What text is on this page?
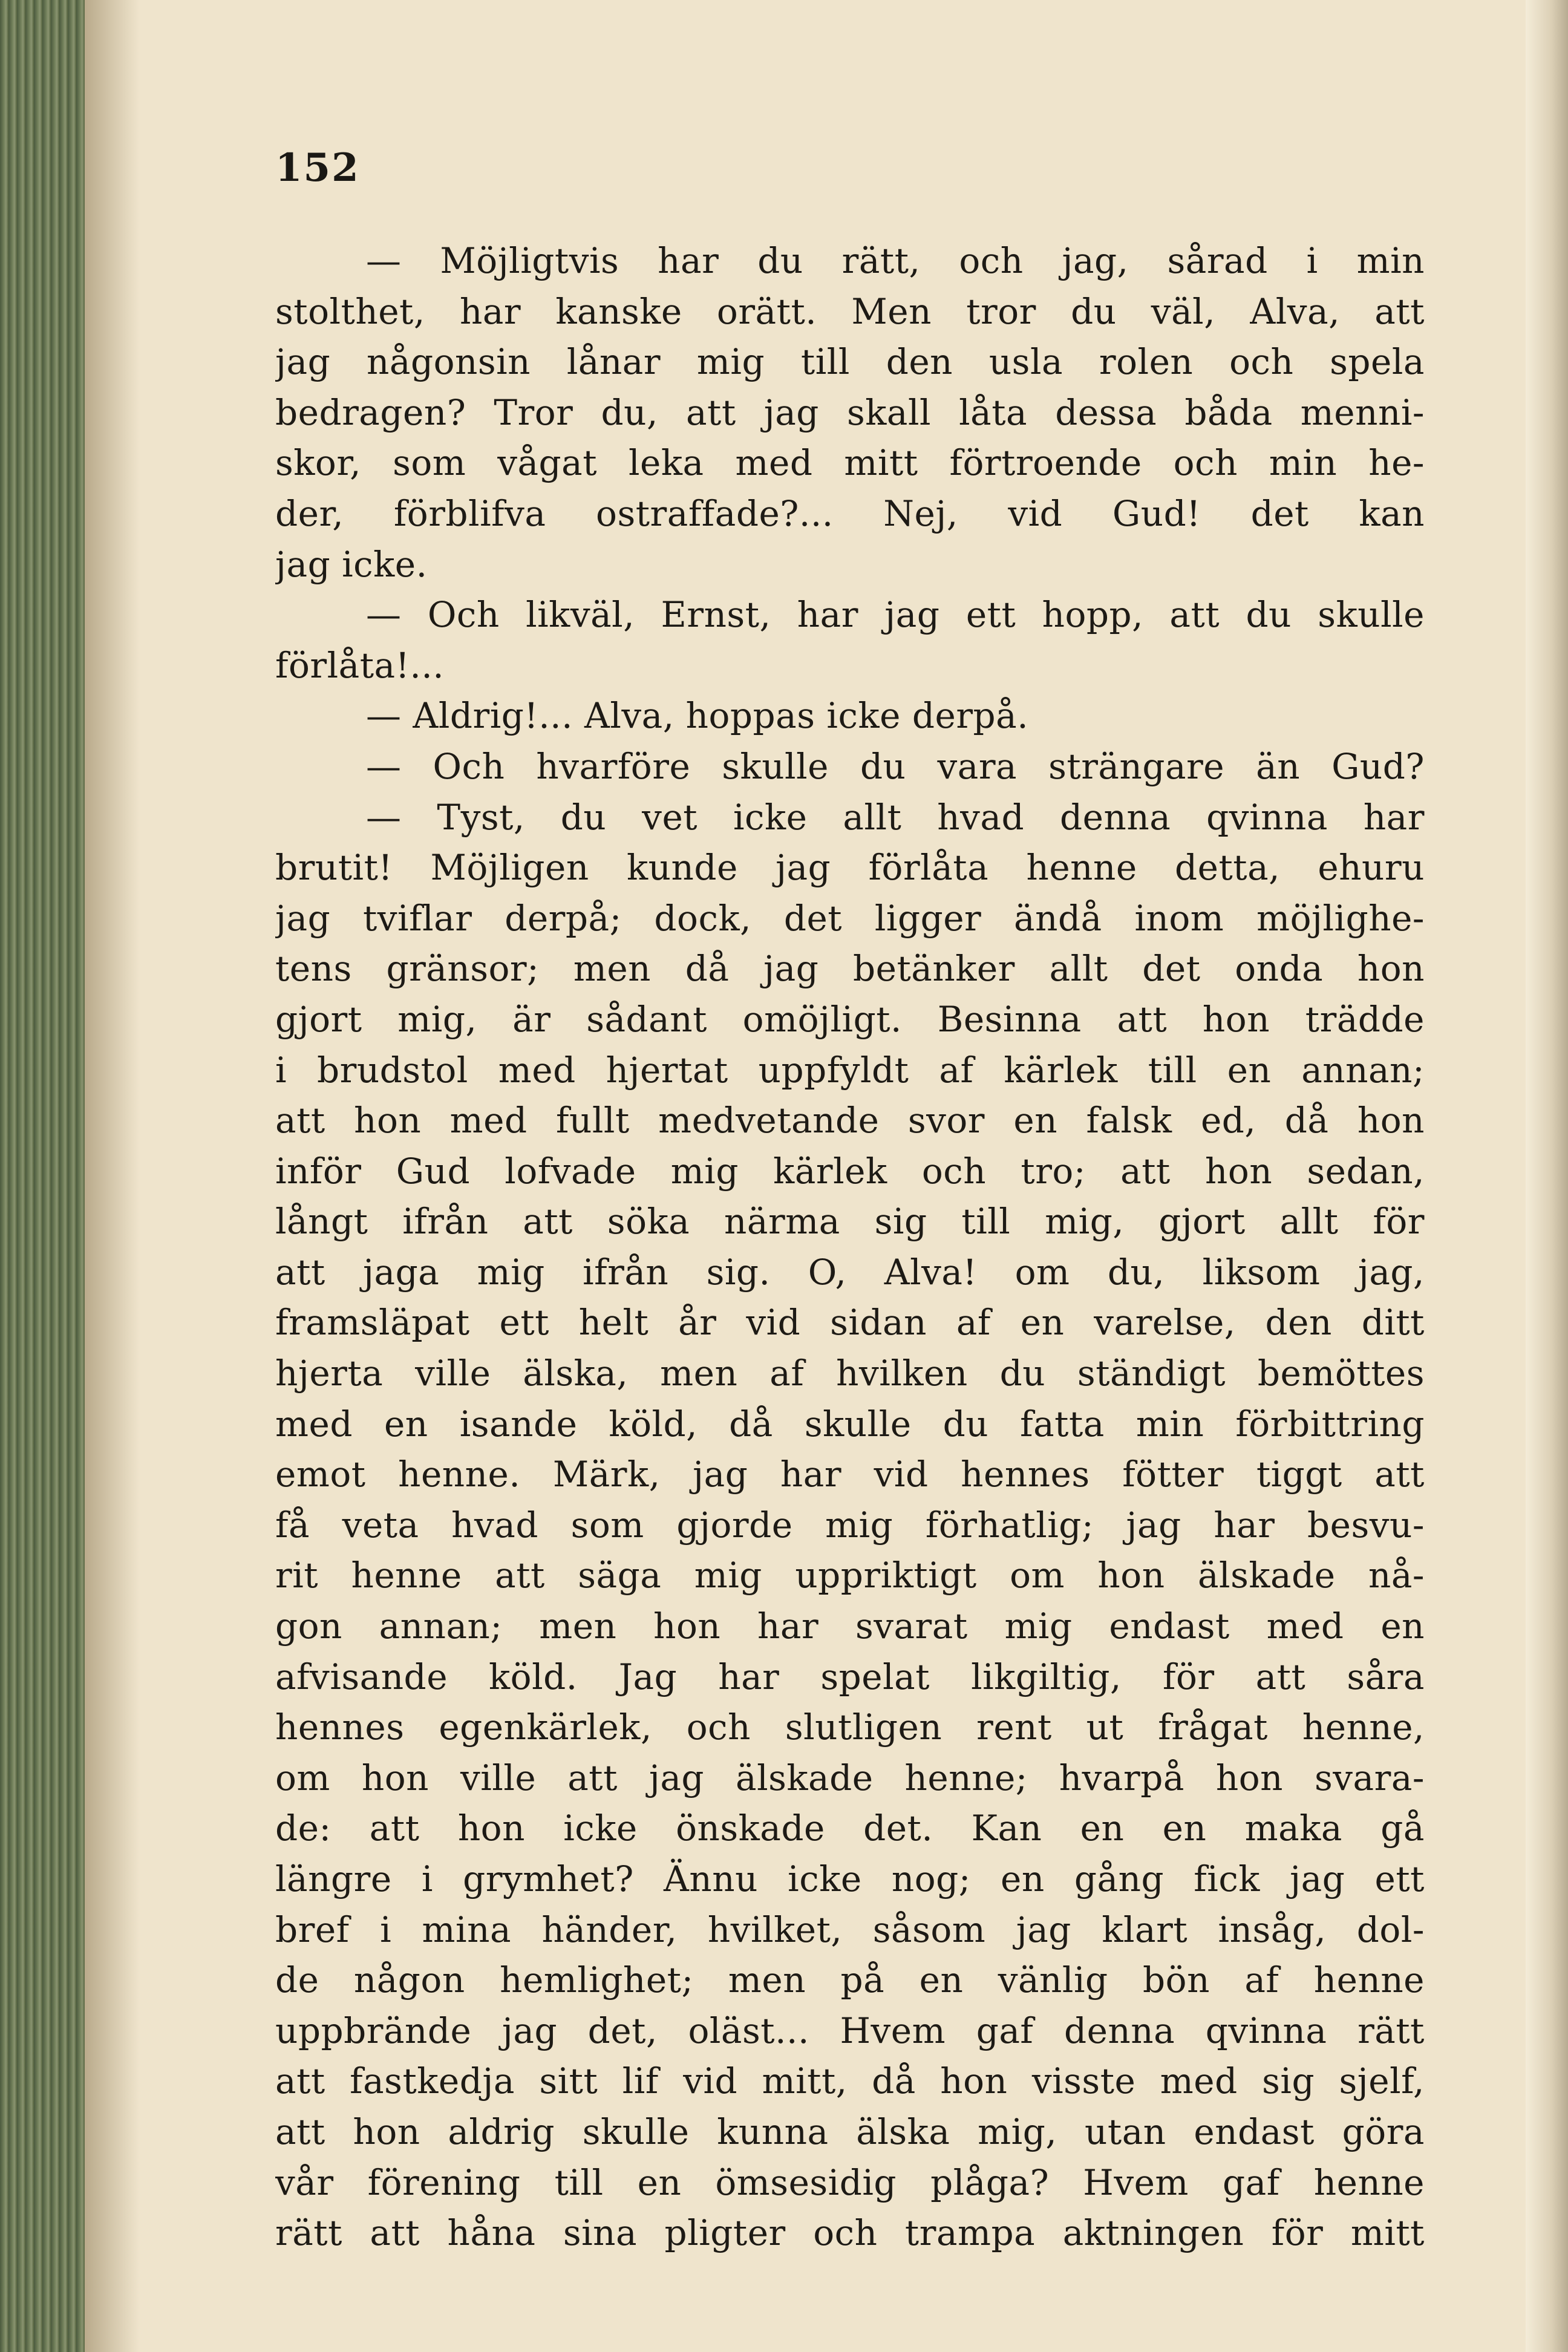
152
— Möjligtvis har du rätt, och jag, sårad i min
stolthet, har kanske orätt. Men tror du väl, Alva, att
jag någonsin lånar mig till den usla rolen och spela
bedragen? Tror du, att jag skall låta dessa båda menni-
skor, som vågat leka med mitt förtroende och min he-
der, förblifva ostraffade?... Nej, vid Gud! det kan
jag icke.
— Och likväl, Ernst, har jag ett hopp, att du skulle
förlåta!...
— Aldrig!... Alva, hoppas icke derpå.
— Och hvarföre skulle du vara strängare än Gud?
— Tyst, du vet icke allt hvad denna qvinna har
brutit! Möjligen kunde jag förlåta henne detta, ehuru
jag tviflar derpå; dock, det ligger ändå inom möjlighe-
tens gränsor; men då jag betänker allt det onda hon
gjort mig, är sådant omöjligt. Besinna att hon trädde
i brudstol med hjertat uppfyldt af kärlek till en annan;
att hon med fullt medvetande svor en falsk ed, då hon
inför Gud lofvade mig kärlek och tro; att hon sedan,
långt ifrån att söka närma sig till mig, gjort allt för
att jaga mig ifrån sig. O, Alva! om du, liksom jag,
framsläpat ett helt år vid sidan af en varelse, den ditt
hjerta ville älska, men af hvilken du ständigt bemöttes
med en isande köld, då skulle du fatta min förbittring
emot henne. Märk, jag har vid hennes fötter tiggt att
få veta hvad som gjorde mig förhatlig; jag har besvu-
rit henne att säga mig uppriktigt om hon älskade nå-
gon annan; men hon har svarat mig endast med en
afvisande köld. Jag har spelat likgiltig, för att såra
hennes egenkärlek, och slutligen rent ut frågat henne,
om hon ville att jag älskade henne; hvarpå hon svara-
de: att hon icke önskade det. Kan en en maka gå
längre i grymhet? Ännu icke nog; en gång fick jag ett
bref i mina händer, hvilket, såsom jag klart insåg, dol-
de någon hemlighet; men på en vänlig bön af henne
uppbrände jag det, oläst... Hvem gaf denna qvinna rätt
att fastkedja sitt lif vid mitt, då hon visste med sig sjelf,
att hon aldrig skulle kunna älska mig, utan endast göra
vår förening till en ömsesidig plåga? Hvem gaf henne
rätt att håna sina pligter och trampa aktningen för mitt
